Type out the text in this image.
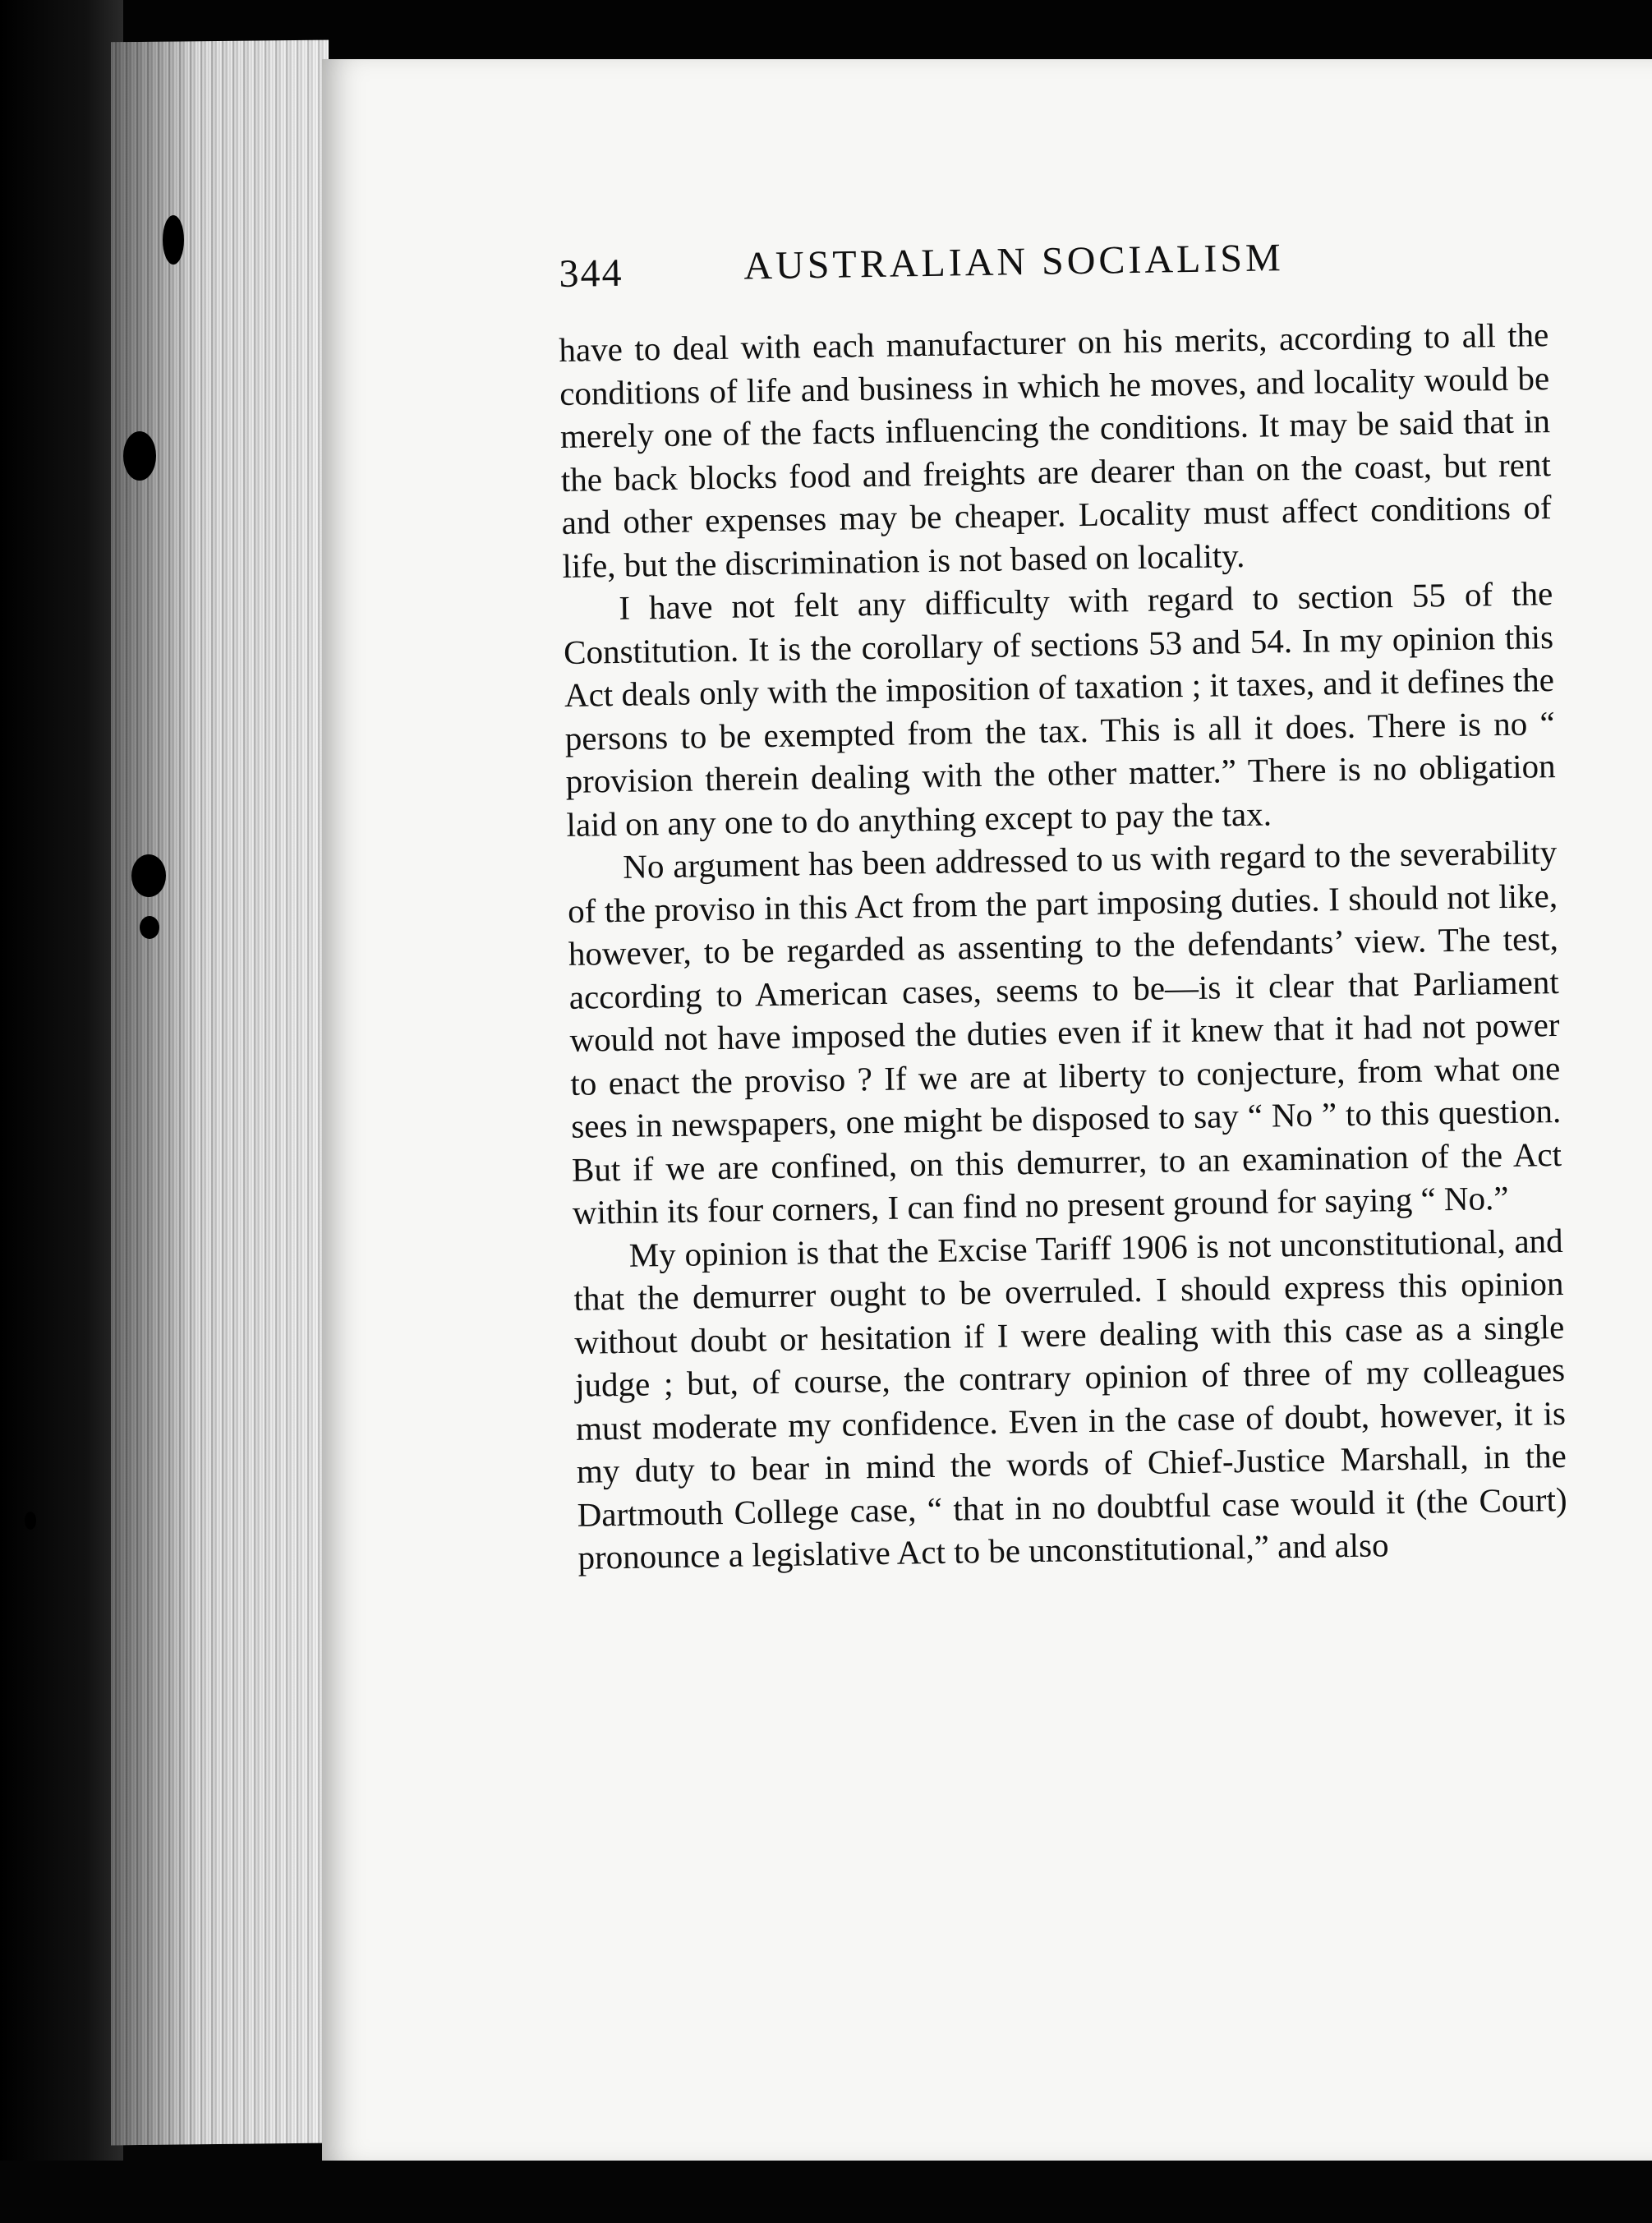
344	AUSTRALIAN SOCIALISM

have to deal with each manufacturer on his merits, according to all the conditions of life and business in which he moves, and locality would be merely one of the facts influencing the conditions. It may be said that in the back blocks food and freights are dearer than on the coast, but rent and other expenses may be cheaper. Locality must affect conditions of life, but the discrimination is not based on locality.

I have not felt any difficulty with regard to section 55 of the Constitution. It is the corollary of sections 53 and 54. In my opinion this Act deals only with the imposition of taxation ; it taxes, and it defines the persons to be exempted from the tax. This is all it does. There is no “ provision therein dealing with the other matter.” There is no obligation laid on any one to do anything except to pay the tax.

No argument has been addressed to us with regard to the severability of the proviso in this Act from the part imposing duties. I should not like, however, to be regarded as assenting to the defendants’ view. The test, according to American cases, seems to be—is it clear that Parliament would not have imposed the duties even if it knew that it had not power to enact the proviso ? If we are at liberty to conjecture, from what one sees in newspapers, one might be disposed to say “ No ” to this question. But if we are confined, on this demurrer, to an examination of the Act within its four corners, I can find no present ground for saying “ No.”

My opinion is that the Excise Tariff 1906 is not unconstitutional, and that the demurrer ought to be overruled. I should express this opinion without doubt or hesitation if I were dealing with this case as a single judge ; but, of course, the contrary opinion of three of my colleagues must moderate my confidence. Even in the case of doubt, however, it is my duty to bear in mind the words of Chief-Justice Marshall, in the Dartmouth College case, “ that in no doubtful case would it (the Court) pronounce a legislative Act to be unconstitutional,” and also
